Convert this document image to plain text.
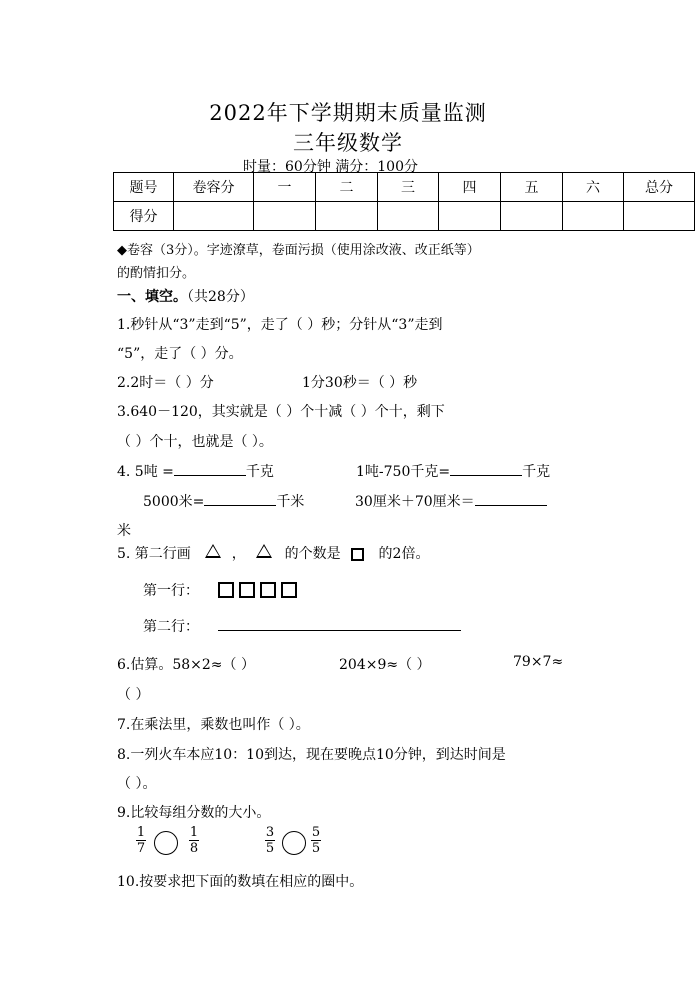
2022年下学期期末质量监测
三年级数学
时量：60分钟 满分：100分
题号	卷容分	一	二	三	四	五	六	总分
得分								
◆卷容（3分）。字迹潦草，卷面污损（使用涂改液、改正纸等）
的酌情扣分。
一、填空。（共28分）
1.秒针从“3”走到“5”，走了（ ）秒；分针从“3”走到
“5”，走了（ ）分。
2.2时＝（ ）分	1分30秒＝（ ）秒
3.640－120，其实就是（ ）个十减（ ）个十，剩下
（ ）个十，也就是（ ）。
4. 5吨 =	千克	1吨-750千克=	千克
5000米=	千米	30厘米＋70厘米＝
米
5. 第二行画	，	的个数是	的2倍。
第一行：

第二行：
6.估算。58×2≈（ ）	204×9≈（ ）	79×7≈
（ ）
7.在乘法里，乘数也叫作（ ）。
8.一列火车本应10：10到达，现在要晚点10分钟，到达时间是
（ ）。
9.比较每组分数的大小。
1
7
1
8
3
5
5
5
10.按要求把下面的数填在相应的圈中。
